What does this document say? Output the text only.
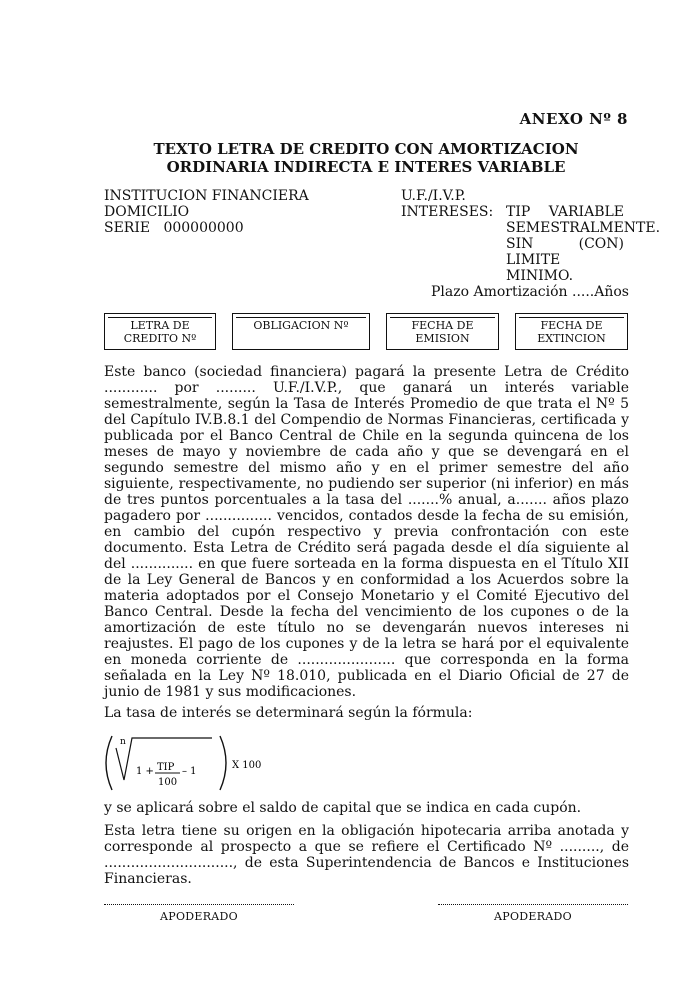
ANEXO Nº 8
TEXTO LETRA DE CREDITO CON AMORTIZACION
ORDINARIA INDIRECTA E INTERES VARIABLE
INSTITUCION FINANCIERA
DOMICILIO
SERIE   000000000
U.F./I.V.P.
INTERESES: TIP VARIABLE SEMESTRALMENTE.
SIN (CON) LIMITE MINIMO.
Plazo Amortización .....Años
LETRA DE
CREDITO Nº
OBLIGACION Nº	FECHA DE
EMISION
FECHA DE
EXTINCION

Este banco (sociedad financiera) pagará la presente Letra de Crédito ............ por ......... U.F./I.V.P., que ganará un interés variable semestralmente, según la Tasa de Interés Promedio de que trata el Nº 5 del Capítulo IV.B.8.1 del Compendio de Normas Financieras, certificada y publicada por el Banco Central de Chile en la segunda quincena de los meses de mayo y noviembre de cada año y que se devengará en el segundo semestre del mismo año y en el primer semestre del año siguiente, respectivamente, no pudiendo ser superior (ni inferior) en más de tres puntos porcentuales a la tasa del .......% anual, a....... años plazo pagadero por ............... vencidos, contados desde la fecha de su emisión, en cambio del cupón respectivo y previa confrontación con este documento. Esta Letra de Crédito será pagada desde el día siguiente al del .............. en que fuere sorteada en la forma dispuesta en el Título XII de la Ley General de Bancos y en conformidad a los Acuerdos sobre la materia adoptados por el Consejo Monetario y el Comité Ejecutivo del Banco Central. Desde la fecha del vencimiento de los cupones o de la amortización de este título no se devengarán nuevos intereses ni reajustes. El pago de los cupones y de la letra se hará por el equivalente en moneda corriente de ...................... que corresponda en la forma señalada en la Ley Nº 18.010, publicada en el Diario Oficial de 27 de junio de 1981 y sus modificaciones.

La tasa de interés se determinará según la fórmula:
n
1 + TIP
100
– 1
X 100
y se aplicará sobre el saldo de capital que se indica en cada cupón.
Esta letra tiene su origen en la obligación hipotecaria arriba anotada y corresponde al prospecto a que se refiere el Certificado Nº ........., de ............................., de esta Superintendencia de Bancos e Instituciones Financieras.
APODERADO	APODERADO
